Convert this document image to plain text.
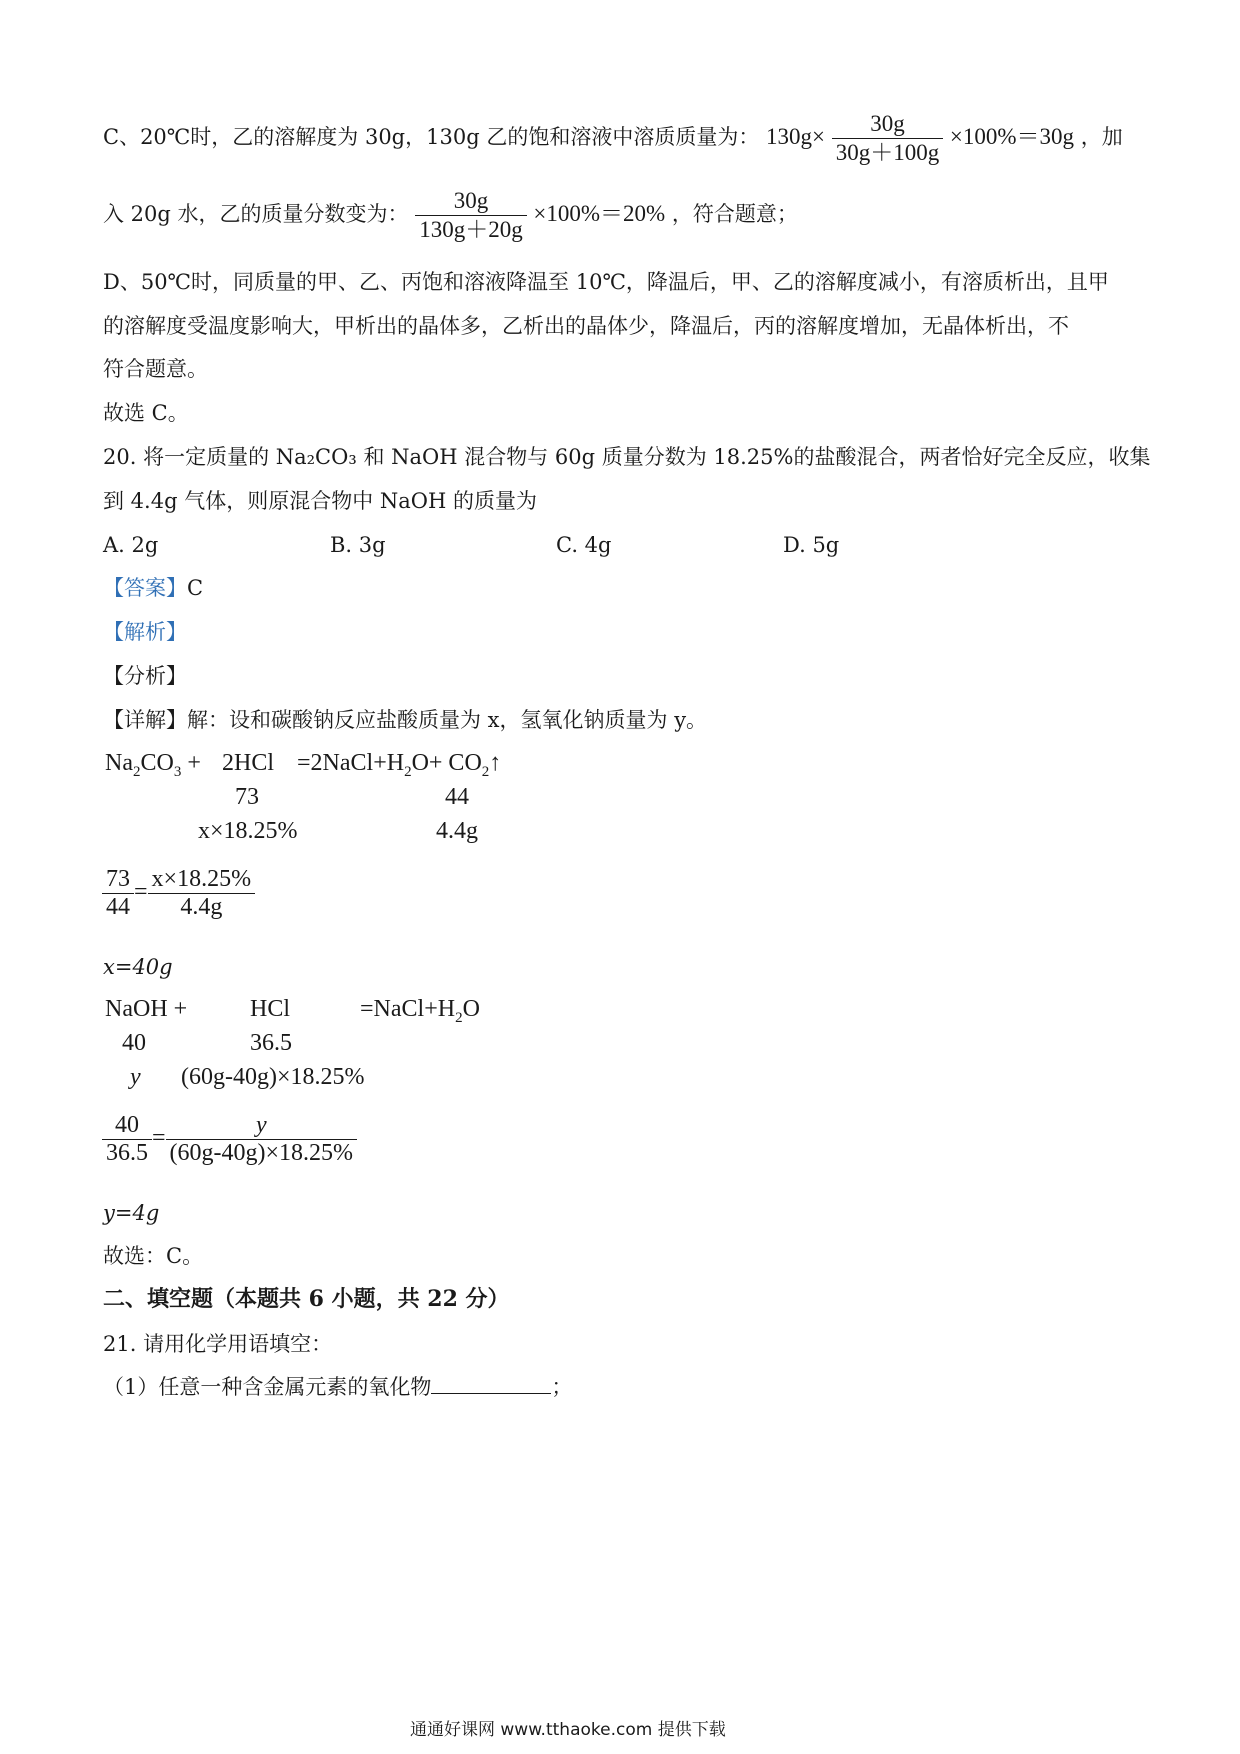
C、20℃时，乙的溶解度为 30g，130g 乙的饱和溶液中溶质质量为： $130g\times \frac{30g}{30g+100g} \times 100\%=30g$ ，加
入 20g 水，乙的质量分数变为： $\frac{30g}{130g+20g} \times 100\%=20\%$ ，符合题意；
D、50℃时，同质量的甲、乙、丙饱和溶液降温至 10℃，降温后，甲、乙的溶解度减小，有溶质析出，且甲
的溶解度受温度影响大，甲析出的晶体多，乙析出的晶体少，降温后，丙的溶解度增加，无晶体析出，不
符合题意。
故选 C。
20. 将一定质量的 Na₂CO₃ 和 NaOH 混合物与 60g 质量分数为 18.25%的盐酸混合，两者恰好完全反应，收集
到 4.4g 气体，则原混合物中 NaOH 的质量为
A. 2g	B. 3g	C. 4g	D. 5g
【答案】C
【解析】
【分析】
【详解】解：设和碳酸钠反应盐酸质量为 x，氢氧化钠质量为 y。
$Na_2CO_3 + 2HCl$ $=2NaCl+H_2O+$ $CO_2↑$
73	44
x×18.25%	4.4g
$\frac{73}{44} = \frac{x\times 18.25\%}{4.4g}$
x=40g
NaOH +	HCl	$=NaCl+H_2O$
40	36.5
y (60g-40g)×18.25%
$\frac{40}{36.5} = \frac{y}{(60g-40g)\times 18.25\%}$
y=4g
故选：C。
二、填空题（本题共 6 小题，共 22 分）
21. 请用化学用语填空：
（1）任意一种含金属元素的氧化物	；
通通好课网 www.tthaoke.com 提供下载
